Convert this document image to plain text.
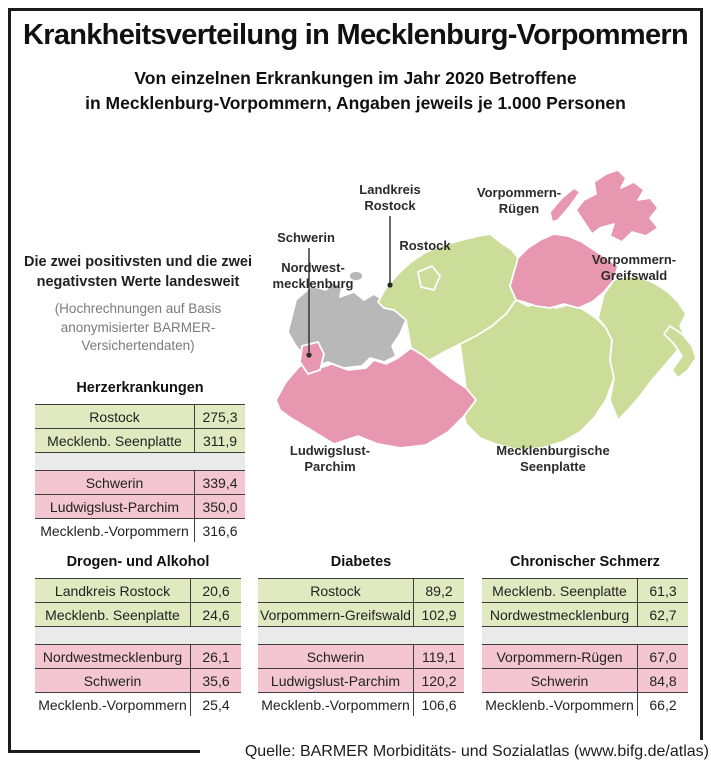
Krankheitsverteilung in Mecklenburg-Vorpommern
Von einzelnen Erkrankungen im Jahr 2020 Betroffene
in Mecklenburg-Vorpommern, Angaben jeweils je 1.000 Personen
Die zwei positivsten und die zwei
negativsten Werte landesweit
(Hochrechnungen auf Basis
anonymisierter BARMER-
Versichertendaten)
Landkreis
Rostock
Schwerin
Rostock
Vorpommern-
Rügen
Nordwest-
mecklenburg
Vorpommern-
Greifswald
Ludwigslust-
Parchim
Mecklenburgische
Seenplatte
Herzerkrankungen
Rostock	275,3
Mecklenb. Seenplatte	311,9
Schwerin	339,4
Ludwigslust-Parchim	350,0
Mecklenb.-Vorpommern 316,6
Drogen- und Alkohol
Landkreis Rostock	20,6
Mecklenb. Seenplatte	24,6
Nordwestmecklenburg	26,1
Schwerin	35,6
Mecklenb.-Vorpommern	25,4
Diabetes
Rostock	89,2
Vorpommern-Greifswald 102,9
Schwerin	119,1
Ludwigslust-Parchim	120,2
Mecklenb.-Vorpommern 106,6
Chronischer Schmerz
Mecklenb. Seenplatte	61,3
Nordwestmecklenburg	62,7
Vorpommern-Rügen	67,0
Schwerin	84,8
Mecklenb.-Vorpommern	66,2
Quelle: BARMER Morbiditäts- und Sozialatlas (www.bifg.de/atlas)
